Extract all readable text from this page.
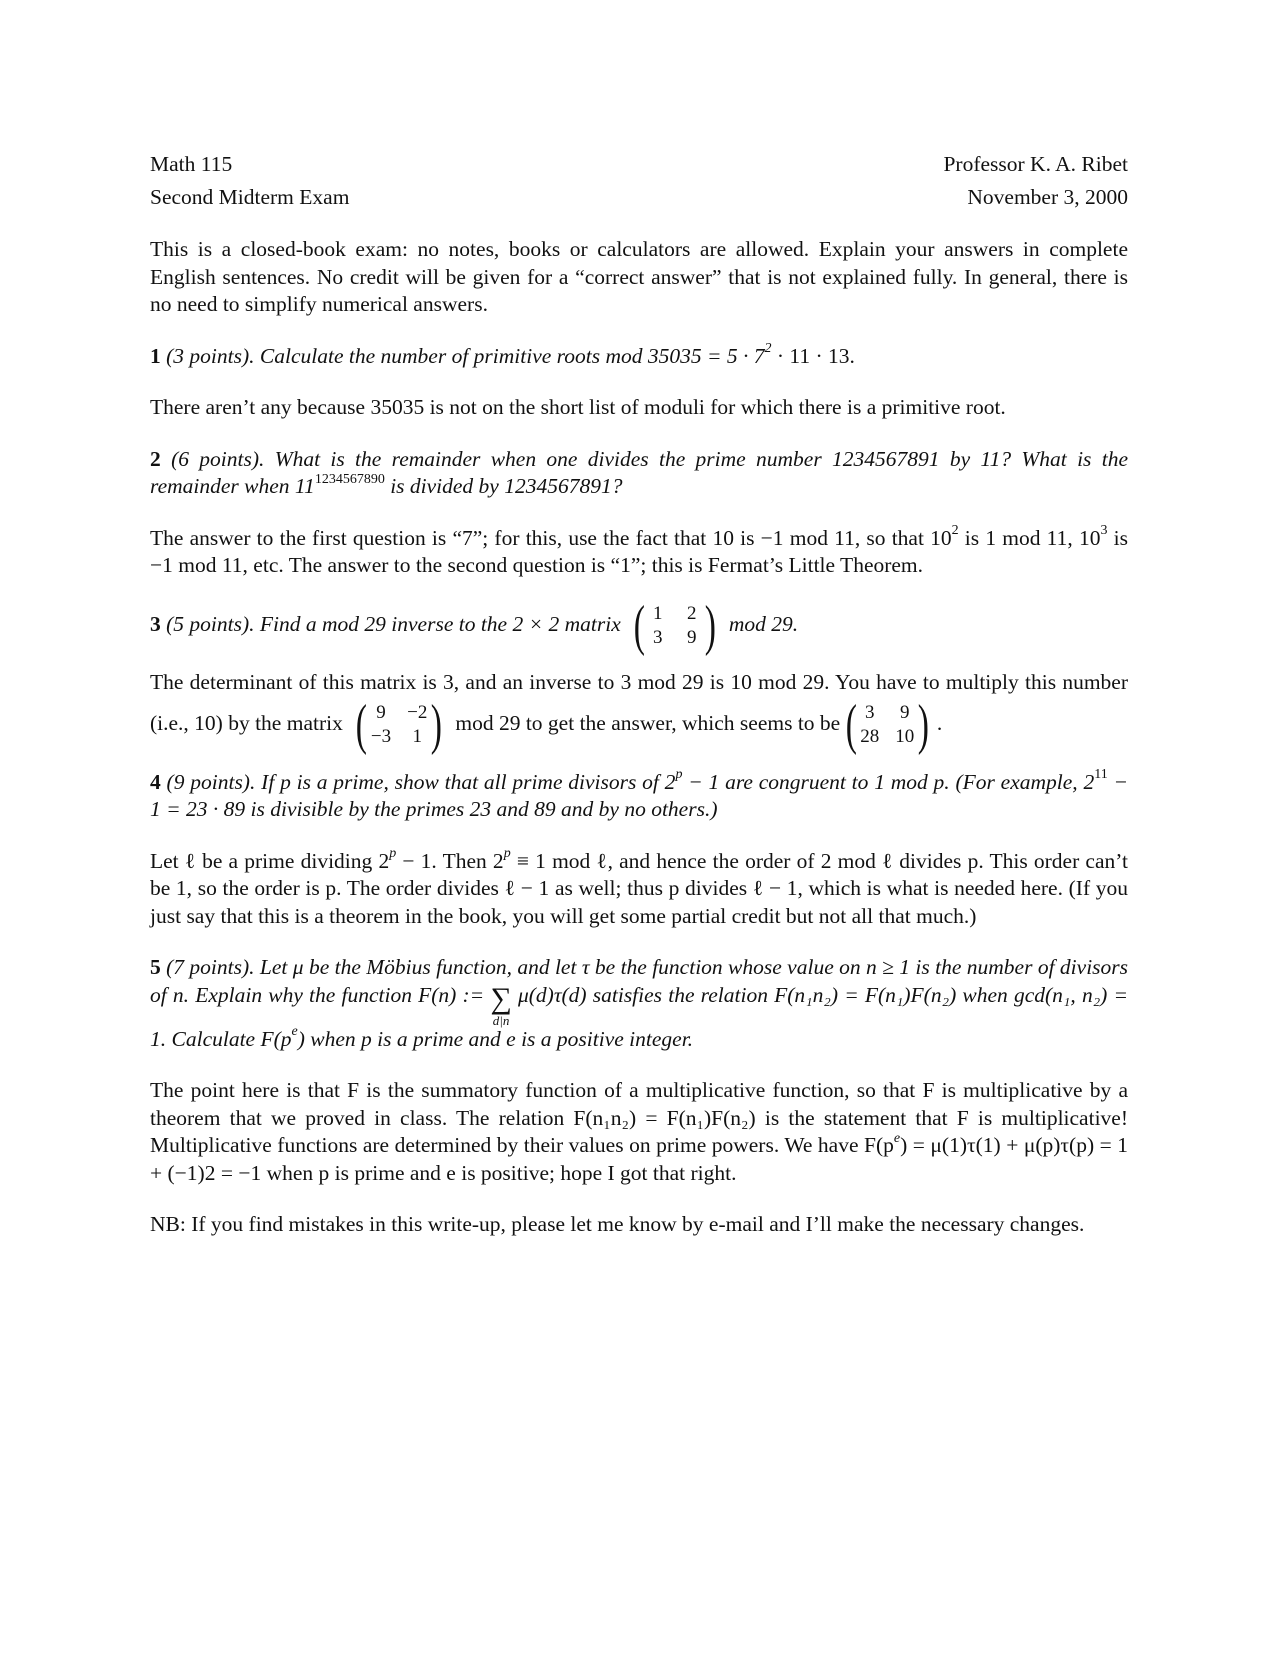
Math 115
Second Midterm Exam
Professor K. A. Ribet
November 3, 2000

This is a closed-book exam: no notes, books or calculators are allowed. Explain your answers in complete English sentences. No credit will be given for a “correct answer” that is not explained fully. In general, there is no need to simplify numerical answers.

1 (3 points). Calculate the number of primitive roots mod $35035 = 5 \cdot 7^2 \cdot 11 \cdot 13$.

There aren’t any because 35035 is not on the short list of moduli for which there is a primitive root.

2 (6 points). What is the remainder when one divides the prime number 1234567891 by 11? What is the remainder when $11^{1234567890}$ is divided by 1234567891?

The answer to the first question is “7”; for this, use the fact that 10 is −1 mod 11, so that $10^2$ is 1 mod 11, $10^3$ is −1 mod 11, etc. The answer to the second question is “1”; this is Fermat’s Little Theorem.

3 (5 points). Find a mod 29 inverse to the 2 × 2 matrix ( 1 2
3 9 ) mod 29.

The determinant of this matrix is 3, and an inverse to 3 mod 29 is 10 mod 29. You have to multiply this number (i.e., 10) by the matrix ( 9 −2
−3 1 ) mod 29 to get the answer, which seems to be ( 3 9
28 10 ) .

4 (9 points). If p is a prime, show that all prime divisors of $2^p - 1$ are congruent to 1 mod p. (For example, $2^{11} - 1 = 23 \cdot 89$ is divisible by the primes 23 and 89 and by no others.)

Let ℓ be a prime dividing $2^p - 1$. Then $2^p \equiv 1$ mod ℓ, and hence the order of 2 mod ℓ divides p. This order can’t be 1, so the order is p. The order divides ℓ − 1 as well; thus p divides ℓ − 1, which is what is needed here. (If you just say that this is a theorem in the book, you will get some partial credit but not all that much.)

5 (7 points). Let μ be the Möbius function, and let τ be the function whose value on n ≥ 1 is the number of divisors of n. Explain why the function F(n) := ∑
d|n
μ(d)τ(d) satisfies the relation F(n₁n₂) = F(n₁)F(n₂) when gcd(n₁, n₂) = 1. Calculate $F(p^e)$ when p is a prime and e is a positive integer.

The point here is that F is the summatory function of a multiplicative function, so that F is multiplicative by a theorem that we proved in class. The relation F(n₁n₂) = F(n₁)F(n₂) is the statement that F is multiplicative! Multiplicative functions are determined by their values on prime powers. We have $F(p^e) = \mu(1)\tau(1) + \mu(p)\tau(p) = 1 + (-1)2 = -1$ when p is prime and e is positive; hope I got that right.

NB: If you find mistakes in this write-up, please let me know by e-mail and I’ll make the necessary changes.
